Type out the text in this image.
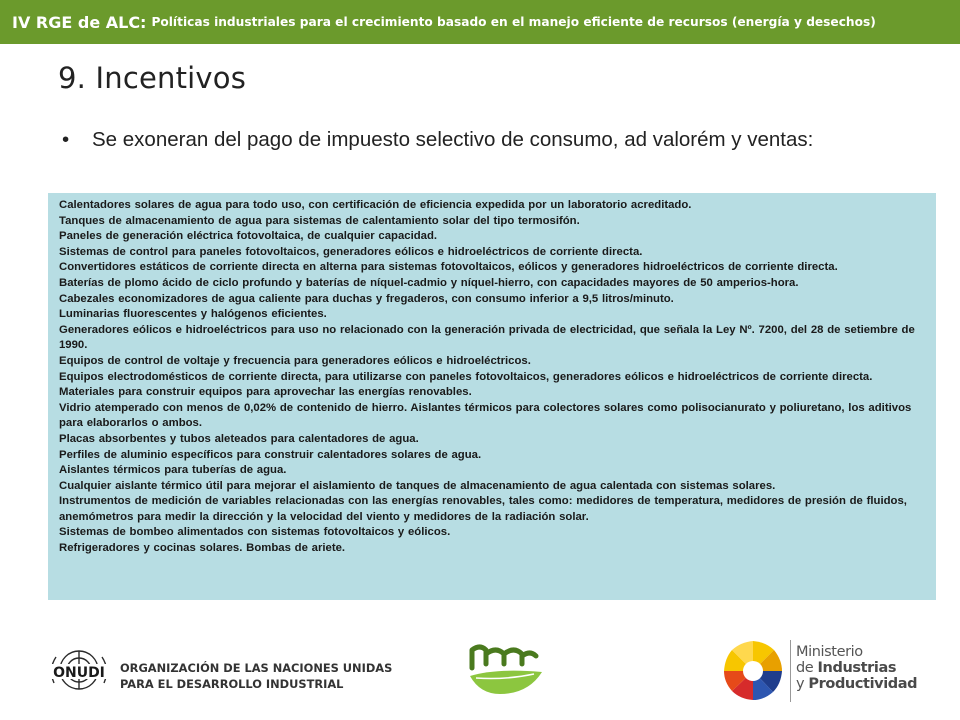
IV RGE de ALC: Políticas industriales para el crecimiento basado en el manejo eficiente de recursos (energía y desechos)
9. Incentivos
•	Se exoneran del pago de impuesto selectivo de consumo, ad valorém y ventas:
Calentadores solares de agua para todo uso, con certificación de eficiencia expedida por un laboratorio acreditado.
Tanques de almacenamiento de agua para sistemas de calentamiento solar del tipo termosifón.
Paneles de generación eléctrica fotovoltaica, de cualquier capacidad.
Sistemas de control para paneles fotovoltaicos, generadores eólicos e hidroeléctricos de corriente directa.
Convertidores estáticos de corriente directa en alterna para sistemas fotovoltaicos, eólicos y generadores hidroeléctricos de corriente directa.
Baterías de plomo ácido de ciclo profundo y baterías de níquel-cadmio y níquel-hierro, con capacidades mayores de 50 amperios-hora.
Cabezales economizadores de agua caliente para duchas y fregaderos, con consumo inferior a 9,5 litros/minuto.
Luminarias fluorescentes y halógenos eficientes.
Generadores eólicos e hidroeléctricos para uso no relacionado con la generación privada de electricidad, que señala la Ley Nº. 7200, del 28 de setiembre de 1990.
Equipos de control de voltaje y frecuencia para generadores eólicos e hidroeléctricos.
Equipos electrodomésticos de corriente directa, para utilizarse con paneles fotovoltaicos, generadores eólicos e hidroeléctricos de corriente directa.
Materiales para construir equipos para aprovechar las energías renovables.
Vidrio atemperado con menos de 0,02% de contenido de hierro. Aislantes térmicos para colectores solares como polisocianurato y poliuretano, los aditivos para elaborarlos o ambos.
Placas absorbentes y tubos aleteados para calentadores de agua.
Perfiles de aluminio específicos para construir calentadores solares de agua.
Aislantes térmicos para tuberías de agua.
Cualquier aislante térmico útil para mejorar el aislamiento de tanques de almacenamiento de agua calentada con sistemas solares.
Instrumentos de medición de variables relacionadas con las energías renovables, tales como: medidores de temperatura, medidores de presión de fluidos, anemómetros para medir la dirección y la velocidad del viento y medidores de la radiación solar.
Sistemas de bombeo alimentados con sistemas fotovoltaicos y eólicos.
Refrigeradores y cocinas solares. Bombas de ariete.
ONUDI ORGANIZACIÓN DE LAS NACIONES UNIDAS
PARA EL DESARROLLO INDUSTRIAL
Ministerio
de Industrias
y Productividad
